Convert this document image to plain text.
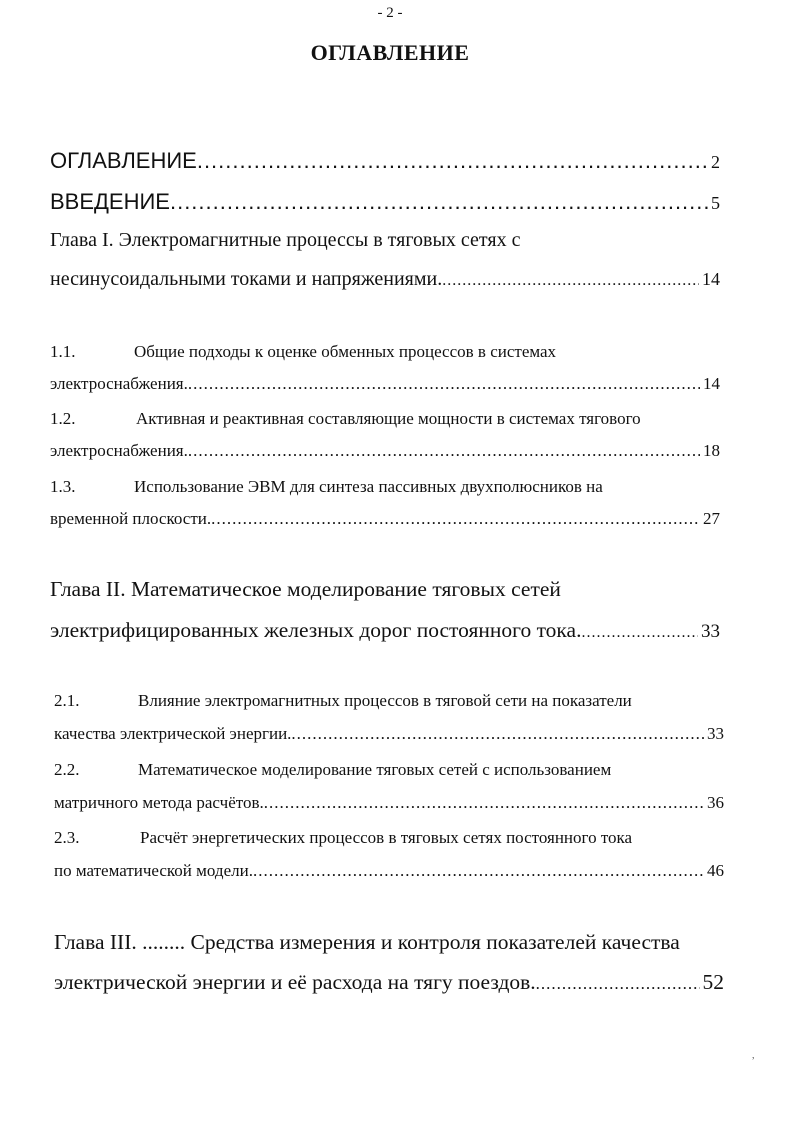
- 2 -
ОГЛАВЛЕНИЕ
ОГЛАВЛЕНИЕ .....	2
ВВЕДЕНИЕ .....	5
Глава I. Электромагнитные процессы в тяговых сетях с
несинусоидальными токами и напряжениями. .....	14
1.1.	Общие подходы к оценке обменных процессов в системах
электроснабжения. .....	14
1.2.	Активная и реактивная составляющие мощности в системах тягового
электроснабжения. .....	18
1.3.	Использование ЭВМ для синтеза пассивных двухполюсников на
временной плоскости. .....	27
Глава II. Математическое моделирование тяговых сетей
электрифицированных железных дорог постоянного тока. .....	33
2.1.	Влияние электромагнитных процессов в тяговой сети на показатели
качества электрической энергии. .....	33
2.2.	Математическое моделирование тяговых сетей с использованием
матричного метода расчётов. .....	36
2.3.	Расчёт энергетических процессов в тяговых сетях постоянного тока
по математической модели. .....	46
Глава III. ........ Средства измерения и контроля показателей качества
электрической энергии и её расхода на тягу поездов. .....	52
,
